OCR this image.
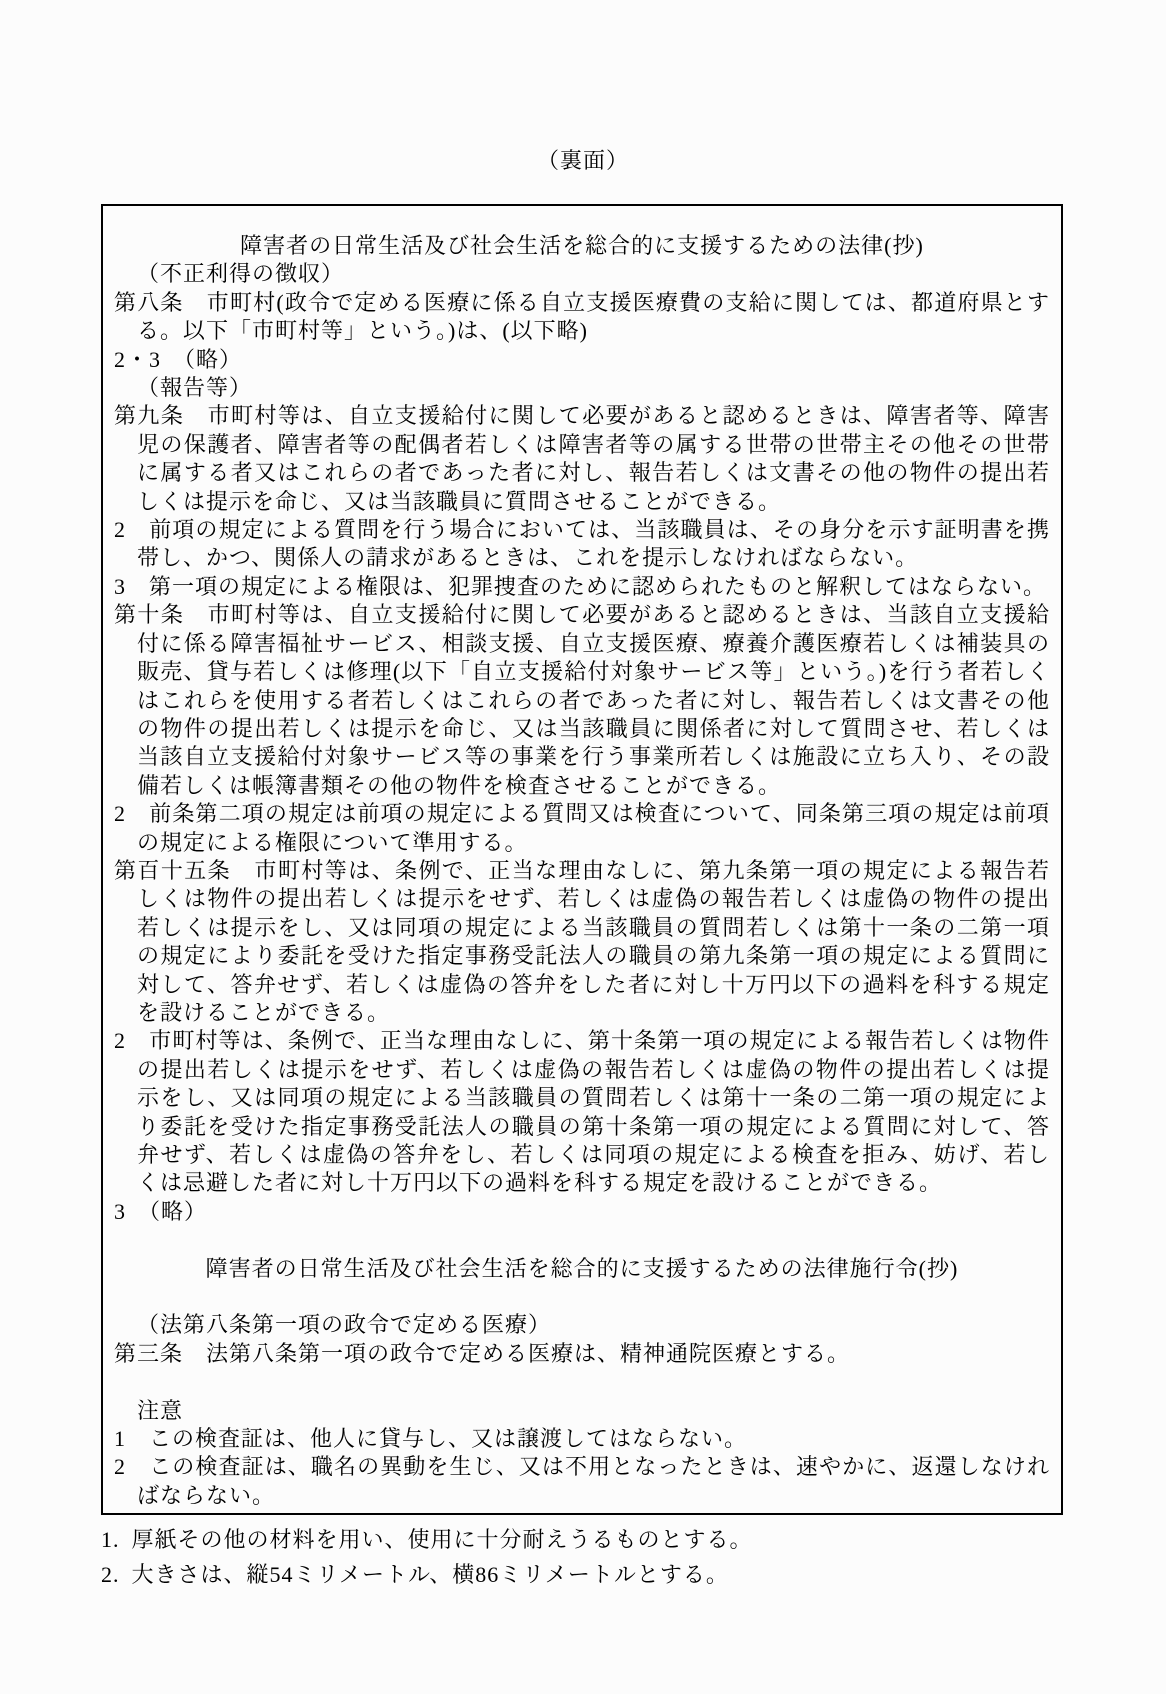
（裏面）

障害者の日常生活及び社会生活を総合的に支援するための法律(抄)

（不正利得の徴収）

第八条　市町村(政令で定める医療に係る自立支援医療費の支給に関しては、都道府県とする。以下「市町村等」という。)は、(以下略)

2・3　（略）

（報告等）

第九条　市町村等は、自立支援給付に関して必要があると認めるときは、障害者等、障害児の保護者、障害者等の配偶者若しくは障害者等の属する世帯の世帯主その他その世帯に属する者又はこれらの者であった者に対し、報告若しくは文書その他の物件の提出若しくは提示を命じ、又は当該職員に質問させることができる。

2　前項の規定による質問を行う場合においては、当該職員は、その身分を示す証明書を携帯し、かつ、関係人の請求があるときは、これを提示しなければならない。

3　第一項の規定による権限は、犯罪捜査のために認められたものと解釈してはならない。

第十条　市町村等は、自立支援給付に関して必要があると認めるときは、当該自立支援給付に係る障害福祉サービス、相談支援、自立支援医療、療養介護医療若しくは補装具の販売、貸与若しくは修理(以下「自立支援給付対象サービス等」という。)を行う者若しくはこれらを使用する者若しくはこれらの者であった者に対し、報告若しくは文書その他の物件の提出若しくは提示を命じ、又は当該職員に関係者に対して質問させ、若しくは当該自立支援給付対象サービス等の事業を行う事業所若しくは施設に立ち入り、その設備若しくは帳簿書類その他の物件を検査させることができる。

2　前条第二項の規定は前項の規定による質問又は検査について、同条第三項の規定は前項の規定による権限について準用する。

第百十五条　市町村等は、条例で、正当な理由なしに、第九条第一項の規定による報告若しくは物件の提出若しくは提示をせず、若しくは虚偽の報告若しくは虚偽の物件の提出若しくは提示をし、又は同項の規定による当該職員の質問若しくは第十一条の二第一項の規定により委託を受けた指定事務受託法人の職員の第九条第一項の規定による質問に対して、答弁せず、若しくは虚偽の答弁をした者に対し十万円以下の過料を科する規定を設けることができる。

2　市町村等は、条例で、正当な理由なしに、第十条第一項の規定による報告若しくは物件の提出若しくは提示をせず、若しくは虚偽の報告若しくは虚偽の物件の提出若しくは提示をし、又は同項の規定による当該職員の質問若しくは第十一条の二第一項の規定により委託を受けた指定事務受託法人の職員の第十条第一項の規定による質問に対して、答弁せず、若しくは虚偽の答弁をし、若しくは同項の規定による検査を拒み、妨げ、若しくは忌避した者に対し十万円以下の過料を科する規定を設けることができる。

3　（略）

障害者の日常生活及び社会生活を総合的に支援するための法律施行令(抄)

（法第八条第一項の政令で定める医療）

第三条　法第八条第一項の政令で定める医療は、精神通院医療とする。

注意

1　この検査証は、他人に貸与し、又は譲渡してはならない。

2　この検査証は、職名の異動を生じ、又は不用となったときは、速やかに、返還しなければならない。

1. 厚紙その他の材料を用い、使用に十分耐えうるものとする。
2. 大きさは、縦54ミリメートル、横86ミリメートルとする。
